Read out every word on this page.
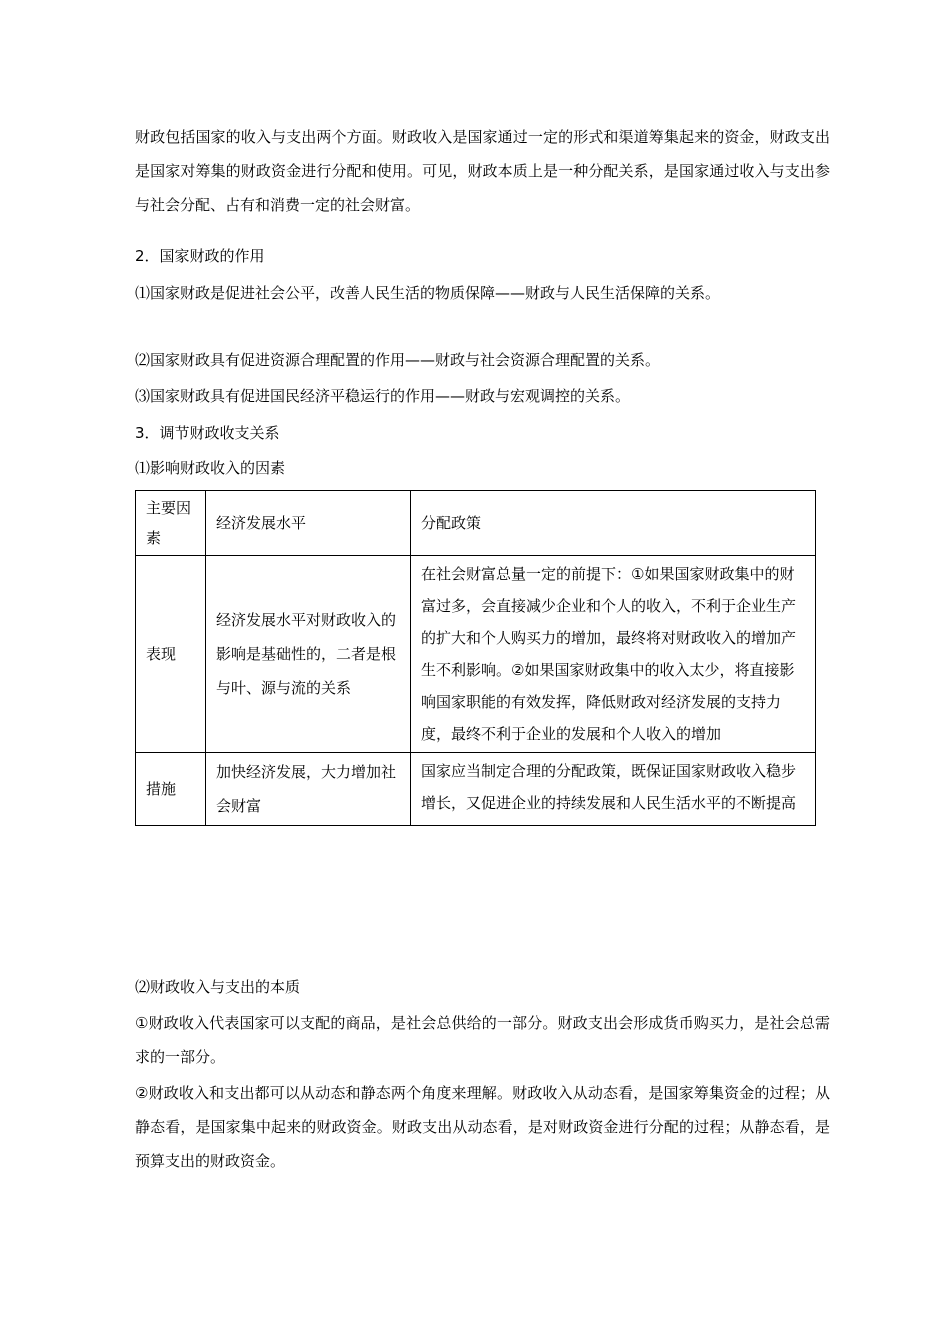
财政包括国家的收入与支出两个方面。财政收入是国家通过一定的形式和渠道筹集起来的资金，财政支出是国家对筹集的财政资金进行分配和使用。可见，财政本质上是一种分配关系，是国家通过收入与支出参与社会分配、占有和消费一定的社会财富。
2．国家财政的作用
⑴国家财政是促进社会公平，改善人民生活的物质保障——财政与人民生活保障的关系。
⑵国家财政具有促进资源合理配置的作用——财政与社会资源合理配置的关系。
⑶国家财政具有促进国民经济平稳运行的作用——财政与宏观调控的关系。
3．调节财政收支关系
⑴影响财政收入的因素
主要因素	经济发展水平	分配政策
表现	经济发展水平对财政收入的影响是基础性的，二者是根与叶、源与流的关系	在社会财富总量一定的前提下：①如果国家财政集中的财富过多，会直接减少企业和个人的收入，不利于企业生产的扩大和个人购买力的增加，最终将对财政收入的增加产生不利影响。②如果国家财政集中的收入太少，将直接影响国家职能的有效发挥，降低财政对经济发展的支持力度，最终不利于企业的发展和个人收入的增加
措施	加快经济发展，大力增加社会财富	国家应当制定合理的分配政策，既保证国家财政收入稳步增长，又促进企业的持续发展和人民生活水平的不断提高
⑵财政收入与支出的本质
①财政收入代表国家可以支配的商品，是社会总供给的一部分。财政支出会形成货币购买力，是社会总需求的一部分。
②财政收入和支出都可以从动态和静态两个角度来理解。财政收入从动态看，是国家筹集资金的过程；从静态看，是国家集中起来的财政资金。财政支出从动态看，是对财政资金进行分配的过程；从静态看，是预算支出的财政资金。
